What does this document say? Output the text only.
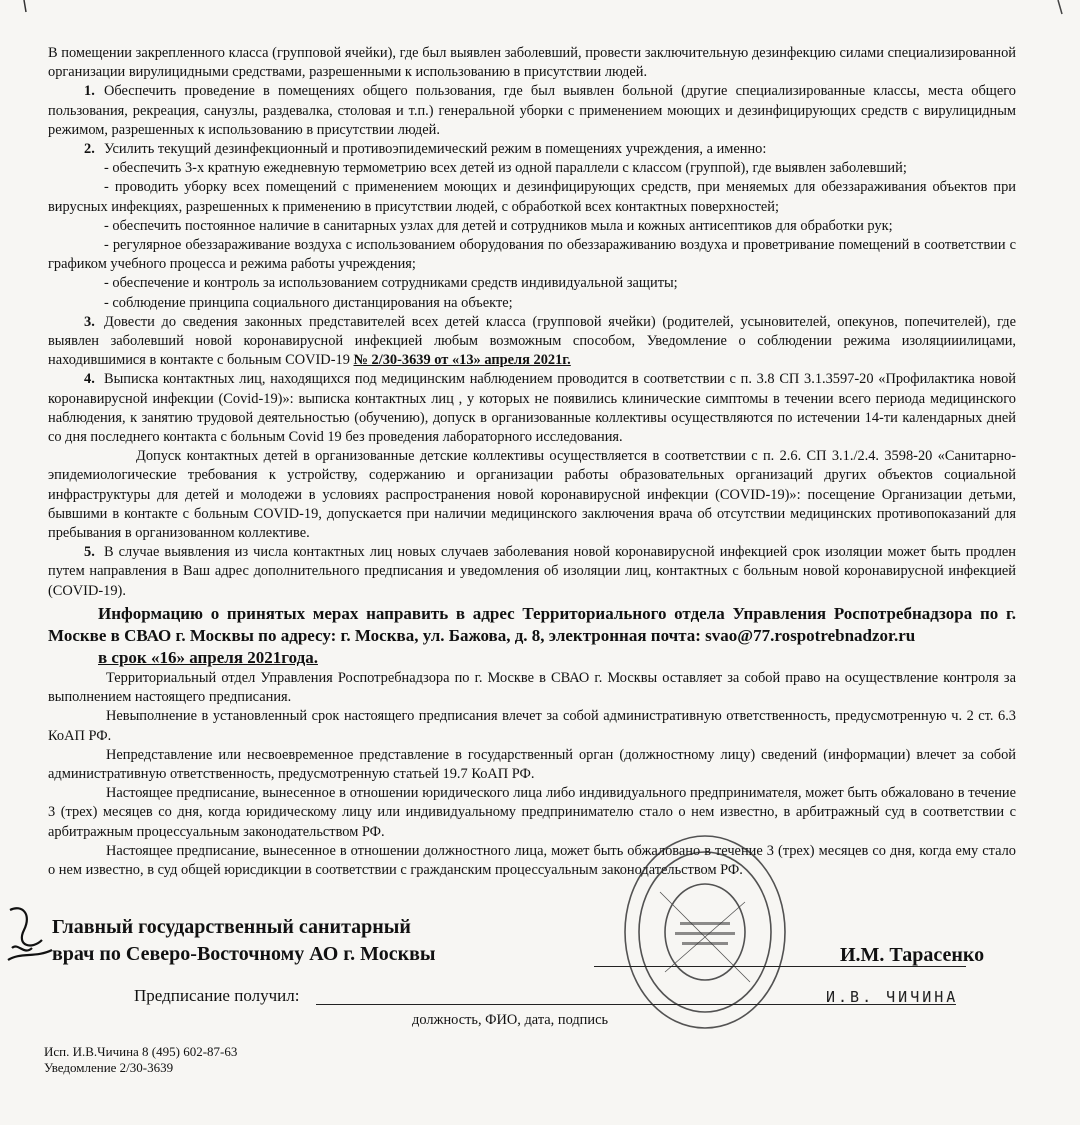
В помещении закрепленного класса (групповой ячейки), где был выявлен заболевший, провести заключительную дезинфекцию силами специализированной организации вирулицидными средствами, разрешенными к использованию в присутствии людей.

1. Обеспечить проведение в помещениях общего пользования, где был выявлен больной (другие специализированные классы, места общего пользования, рекреация, санузлы, раздевалка, столовая и т.п.) генеральной уборки с применением моющих и дезинфицирующих средств с вирулицидным режимом, разрешенных к использованию в присутствии людей.

2. Усилить текущий дезинфекционный и противоэпидемический режим в помещениях учреждения, а именно:

- обеспечить 3-х кратную ежедневную термометрию всех детей из одной параллели с классом (группой), где выявлен заболевший;

- проводить уборку всех помещений с применением моющих и дезинфицирующих средств, при меняемых для обеззараживания объектов при вирусных инфекциях, разрешенных к применению в присутствии людей, с обработкой всех контактных поверхностей;

- обеспечить постоянное наличие в санитарных узлах для детей и сотрудников мыла и кожных антисептиков для обработки рук;

- регулярное обеззараживание воздуха с использованием оборудования по обеззараживанию воздуха и проветривание помещений в соответствии с графиком учебного процесса и режима работы учреждения;

- обеспечение и контроль за использованием сотрудниками средств индивидуальной защиты;

- соблюдение принципа социального дистанцирования на объекте;

3. Довести до сведения законных представителей всех детей класса (групповой ячейки) (родителей, усыновителей, опекунов, попечителей), где выявлен заболевший новой коронавирусной инфекцией любым возможным способом, Уведомление о соблюдении режима изоляцииилицами, находившимися в контакте с больным COVID-19 № 2/30-3639 от «13» апреля 2021г.

4. Выписка контактных лиц, находящихся под медицинским наблюдением проводится в соответствии с п. 3.8 СП 3.1.3597-20 «Профилактика новой коронавирусной инфекции (Covid-19)»: выписка контактных лиц , у которых не появились клинические симптомы в течении всего периода медицинского наблюдения, к занятию трудовой деятельностью (обучению), допуск в организованные коллективы осуществляются по истечении 14-ти календарных дней со дня последнего контакта с больным Covid 19 без проведения лабораторного исследования.

Допуск контактных детей в организованные детские коллективы осуществляется в соответствии с п. 2.6. СП 3.1./2.4. 3598-20 «Санитарно-эпидемиологические требования к устройству, содержанию и организации работы образовательных организаций других объектов социальной инфраструктуры для детей и молодежи в условиях распространения новой коронавирусной инфекции (COVID-19)»: посещение Организации детьми, бывшими в контакте с больным COVID-19, допускается при наличии медицинского заключения врача об отсутствии медицинских противопоказаний для пребывания в организованном коллективе.

5. В случае выявления из числа контактных лиц новых случаев заболевания новой коронавирусной инфекцией срок изоляции может быть продлен путем направления в Ваш адрес дополнительного предписания и уведомления об изоляции лиц, контактных с больным новой коронавирусной инфекцией (COVID-19).

Информацию о принятых мерах направить в адрес Территориального отдела Управления Роспотребнадзора по г. Москве в СВАО г. Москвы по адресу: г. Москва, ул. Бажова, д. 8, электронная почта: svao@77.rospotrebnadzor.ru

в срок «16» апреля 2021года.

Территориальный отдел Управления Роспотребнадзора по г. Москве в СВАО г. Москвы оставляет за собой право на осуществление контроля за выполнением настоящего предписания.

Невыполнение в установленный срок настоящего предписания влечет за собой административную ответственность, предусмотренную ч. 2 ст. 6.3 КоАП РФ.

Непредставление или несвоевременное представление в государственный орган (должностному лицу) сведений (информации) влечет за собой административную ответственность, предусмотренную статьей 19.7 КоАП РФ.

Настоящее предписание, вынесенное в отношении юридического лица либо индивидуального предпринимателя, может быть обжаловано в течение 3 (трех) месяцев со дня, когда юридическому лицу или индивидуальному предпринимателю стало о нем известно, в арбитражный суд в соответствии с арбитражным процессуальным законодательством РФ.

Настоящее предписание, вынесенное в отношении должностного лица, может быть обжаловано в течение 3 (трех) месяцев со дня, когда ему стало о нем известно, в суд общей юрисдикции в соответствии с гражданским процессуальным законодательством РФ.

Главный государственный санитарный
врач по Северо-Восточному АО г. Москвы	И.М. Тарасенко
Предписание получил:	И.В. ЧИЧИНА
должность, ФИО, дата, подпись
Исп. И.В.Чичина 8 (495) 602-87-63
Уведомление 2/30-3639
